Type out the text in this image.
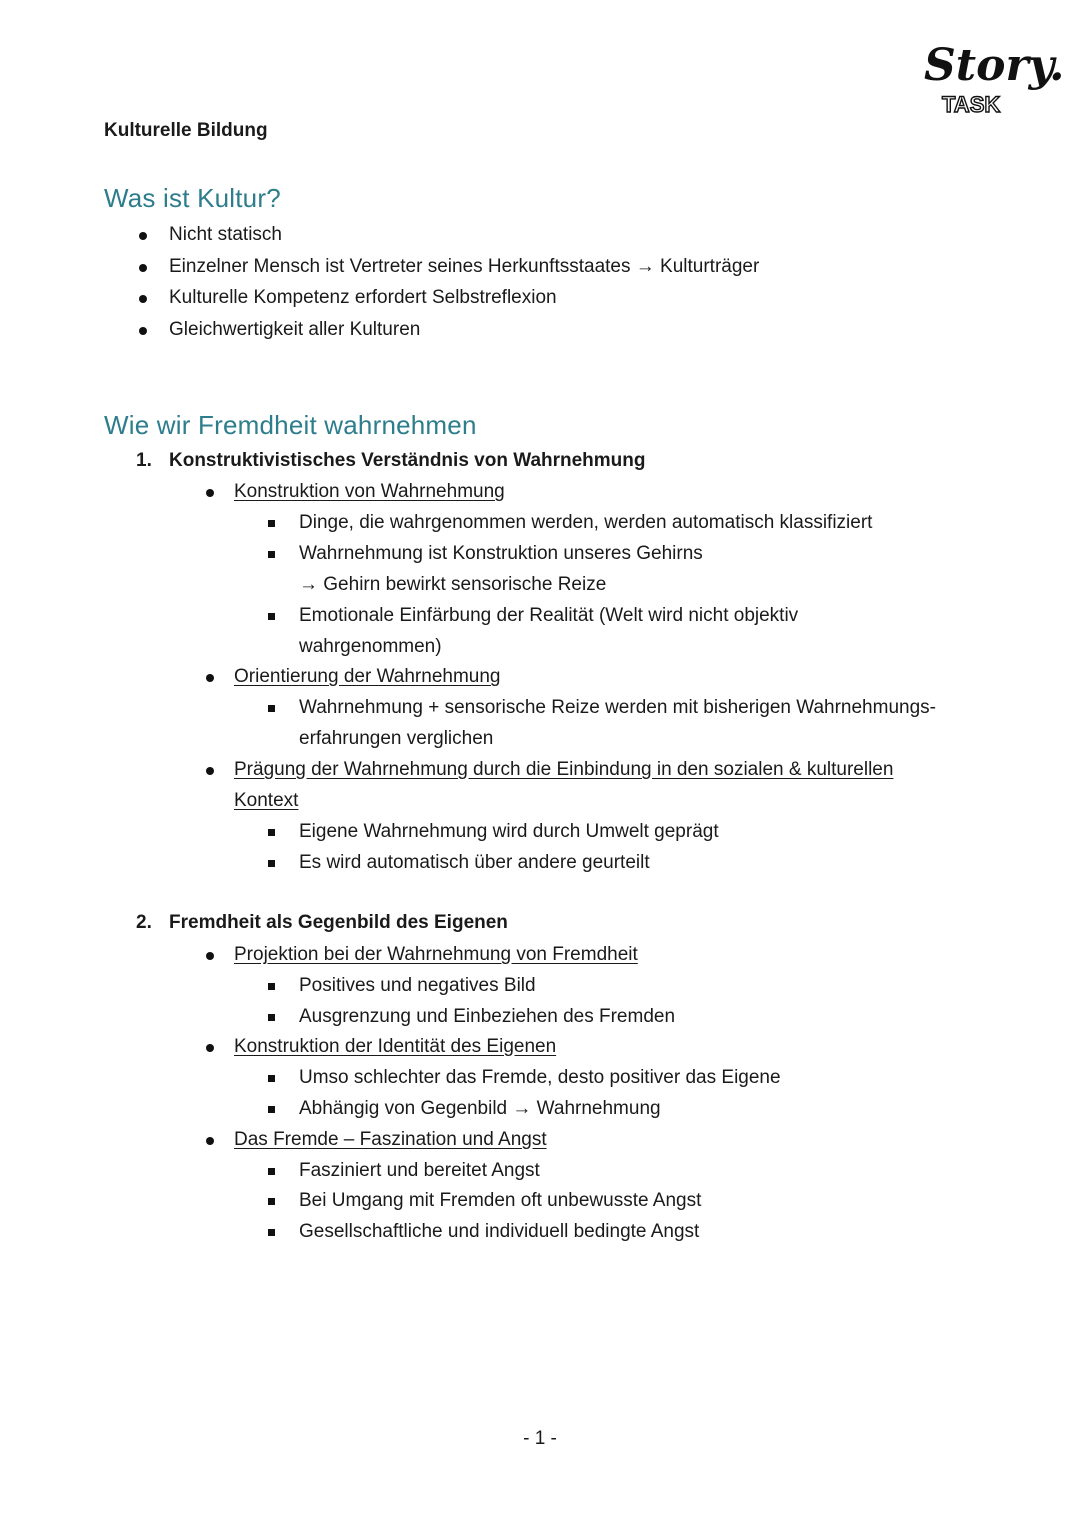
Story.
TASK
Kulturelle Bildung
Was ist Kultur?
Nicht statisch
Einzelner Mensch ist Vertreter seines Herkunftsstaates → Kulturträger
Kulturelle Kompetenz erfordert Selbstreflexion
Gleichwertigkeit aller Kulturen
Wie wir Fremdheit wahrnehmen
1. Konstruktivistisches Verständnis von Wahrnehmung
Konstruktion von Wahrnehmung
Dinge, die wahrgenommen werden, werden automatisch klassifiziert
Wahrnehmung ist Konstruktion unseres Gehirns
→ Gehirn bewirkt sensorische Reize
Emotionale Einfärbung der Realität (Welt wird nicht objektiv
wahrgenommen)
Orientierung der Wahrnehmung
Wahrnehmung + sensorische Reize werden mit bisherigen Wahrnehmungs-
erfahrungen verglichen
Prägung der Wahrnehmung durch die Einbindung in den sozialen & kulturellen
Kontext
Eigene Wahrnehmung wird durch Umwelt geprägt
Es wird automatisch über andere geurteilt
2. Fremdheit als Gegenbild des Eigenen
Projektion bei der Wahrnehmung von Fremdheit
Positives und negatives Bild
Ausgrenzung und Einbeziehen des Fremden
Konstruktion der Identität des Eigenen
Umso schlechter das Fremde, desto positiver das Eigene
Abhängig von Gegenbild → Wahrnehmung
Das Fremde – Faszination und Angst
Fasziniert und bereitet Angst
Bei Umgang mit Fremden oft unbewusste Angst
Gesellschaftliche und individuell bedingte Angst
- 1 -
